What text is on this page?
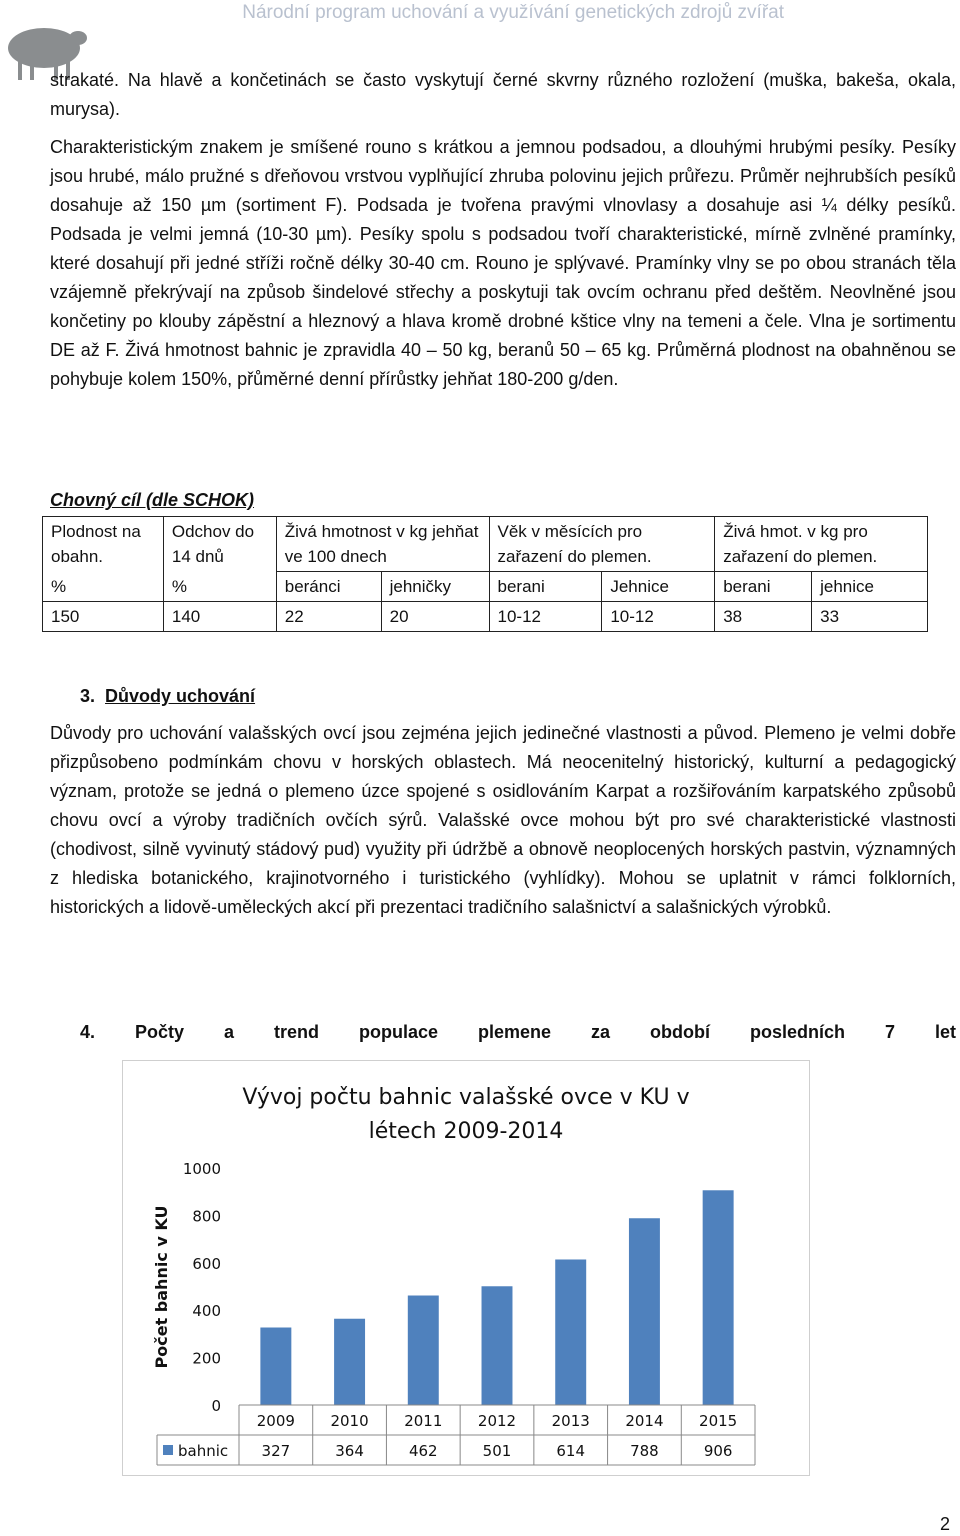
Národní program uchování a využívání genetických zdrojů zvířat

strakaté. Na hlavě a končetinách se často vyskytují černé skvrny různého rozložení (muška, bakeša, okala, murysa).

Charakteristickým znakem je smíšené rouno s krátkou a jemnou podsadou, a dlouhými hrubými pesíky. Pesíky jsou hrubé, málo pružné s dřeňovou vrstvou vyplňující zhruba polovinu jejich průřezu. Průměr nejhrubších pesíků dosahuje až 150 µm (sortiment F). Podsada je tvořena pravými vlnovlasy a dosahuje asi ¼ délky pesíků. Podsada je velmi jemná (10-30 µm). Pesíky spolu s podsadou tvoří charakteristické, mírně zvlněné pramínky, které dosahují při jedné stříži ročně délky 30-40 cm. Rouno je splývavé. Pramínky vlny se po obou stranách těla vzájemně překrývají na způsob šindelové střechy a poskytuji tak ovcím ochranu před deštěm. Neovlněné jsou končetiny po klouby zápěstní a hleznový a hlava kromě drobné kštice vlny na temeni a čele. Vlna je sortimentu DE až F. Živá hmotnost bahnic je zpravidla 40 – 50 kg, beranů 50 – 65 kg. Průměrná plodnost na obahněnou se pohybuje kolem 150%, přůměrné denní přírůstky jehňat 180-200 g/den.

Chovný cíl (dle SCHOK)
Plodnost na obahn.	Odchov do 14 dnů	Živá hmotnost v kg jehňat ve 100 dnech		Věk v měsících pro zařazení do plemen.		Živá hmot. v kg pro zařazení do plemen.	
%	%	beránci	jehničky	berani	Jehnice	berani	jehnice
150	140	22	20	10-12	10-12	38	33
3. Důvody uchování

Důvody pro uchování valašských ovcí jsou zejména jejich jedinečné vlastnosti a původ. Plemeno je velmi dobře přizpůsobeno podmínkám chovu v horských oblastech. Má neocenitelný historický, kulturní a pedagogický význam, protože se jedná o plemeno úzce spojené s osidlováním Karpat a rozšiřováním karpatského způsobů chovu ovcí a výroby tradičních ovčích sýrů. Valašské ovce mohou být pro své charakteristické vlastnosti (chodivost, silně vyvinutý stádový pud) využity při údržbě a obnově neoplocených horských pastvin, významných z hlediska botanického, krajinotvorného i turistického (vyhlídky). Mohou se uplatnit v rámci folklorních, historických a lidově-uměleckých akcí při prezentaci tradičního salašnictví a salašnických výrobků.

4. Počty a trend populace plemene za období posledních 7 let
Vývoj počtu bahnic valašské ovce v KU v
létech 2009-2014
Počet bahnic v KU
0
200
400
600
800
1000
2009 2010 2011 2012 2013 2014 2015
bahnic 327	364	462	501	614	788	906
2
